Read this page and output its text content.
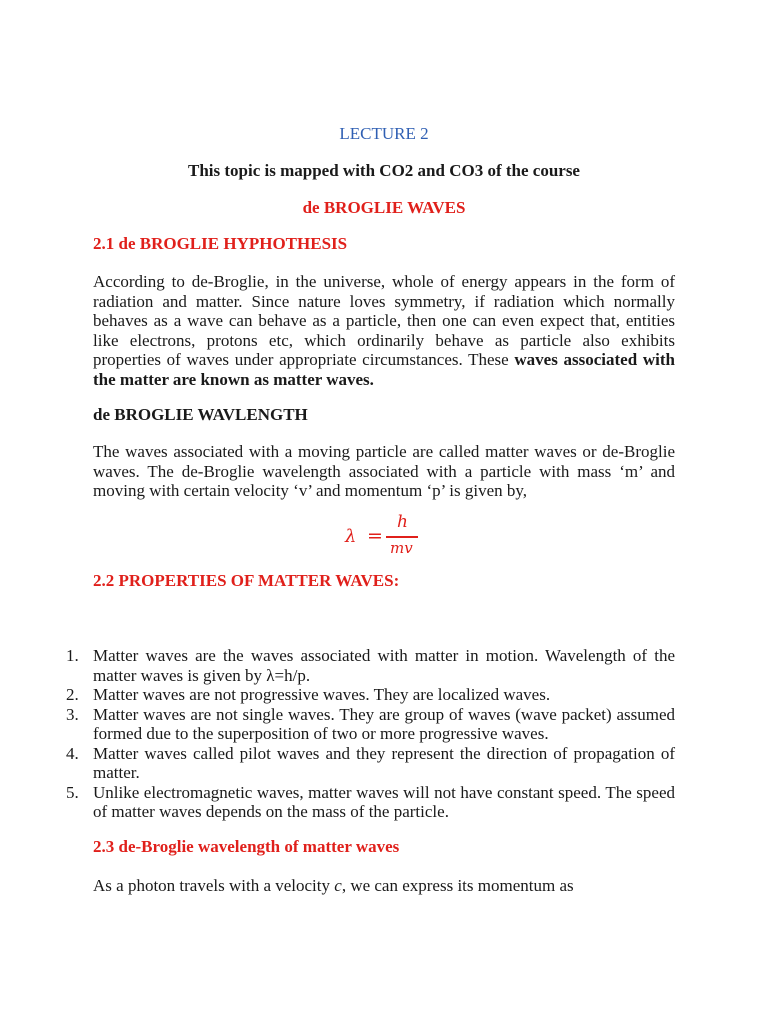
LECTURE 2
This topic is mapped with CO2 and CO3 of the course
de BROGLIE WAVES
2.1 de BROGLIE HYPHOTHESIS
According to de-Broglie, in the universe, whole of energy appears in the form of radiation and matter. Since nature loves symmetry, if radiation which normally behaves as a wave can behave as a particle, then one can even expect that, entities like electrons, protons etc, which ordinarily behave as particle also exhibits properties of waves under appropriate circumstances. These waves associated with the matter are known as matter waves.
de BROGLIE WAVLENGTH
The waves associated with a moving particle are called matter waves or de-Broglie waves. The de-Broglie wavelength associated with a particle with mass ‘m’ and moving with certain velocity ‘v’ and momentum ‘p’ is given by,
λ =
h
mv
2.2 PROPERTIES OF MATTER WAVES:
1. Matter waves are the waves associated with matter in motion. Wavelength of the matter waves is given by λ=h/p.
2. Matter waves are not progressive waves. They are localized waves.
3. Matter waves are not single waves. They are group of waves (wave packet) assumed formed due to the superposition of two or more progressive waves.
4. Matter waves called pilot waves and they represent the direction of propagation of matter.
5. Unlike electromagnetic waves, matter waves will not have constant speed. The speed of matter waves depends on the mass of the particle.
2.3 de-Broglie wavelength of matter waves
As a photon travels with a velocity c, we can express its momentum as
